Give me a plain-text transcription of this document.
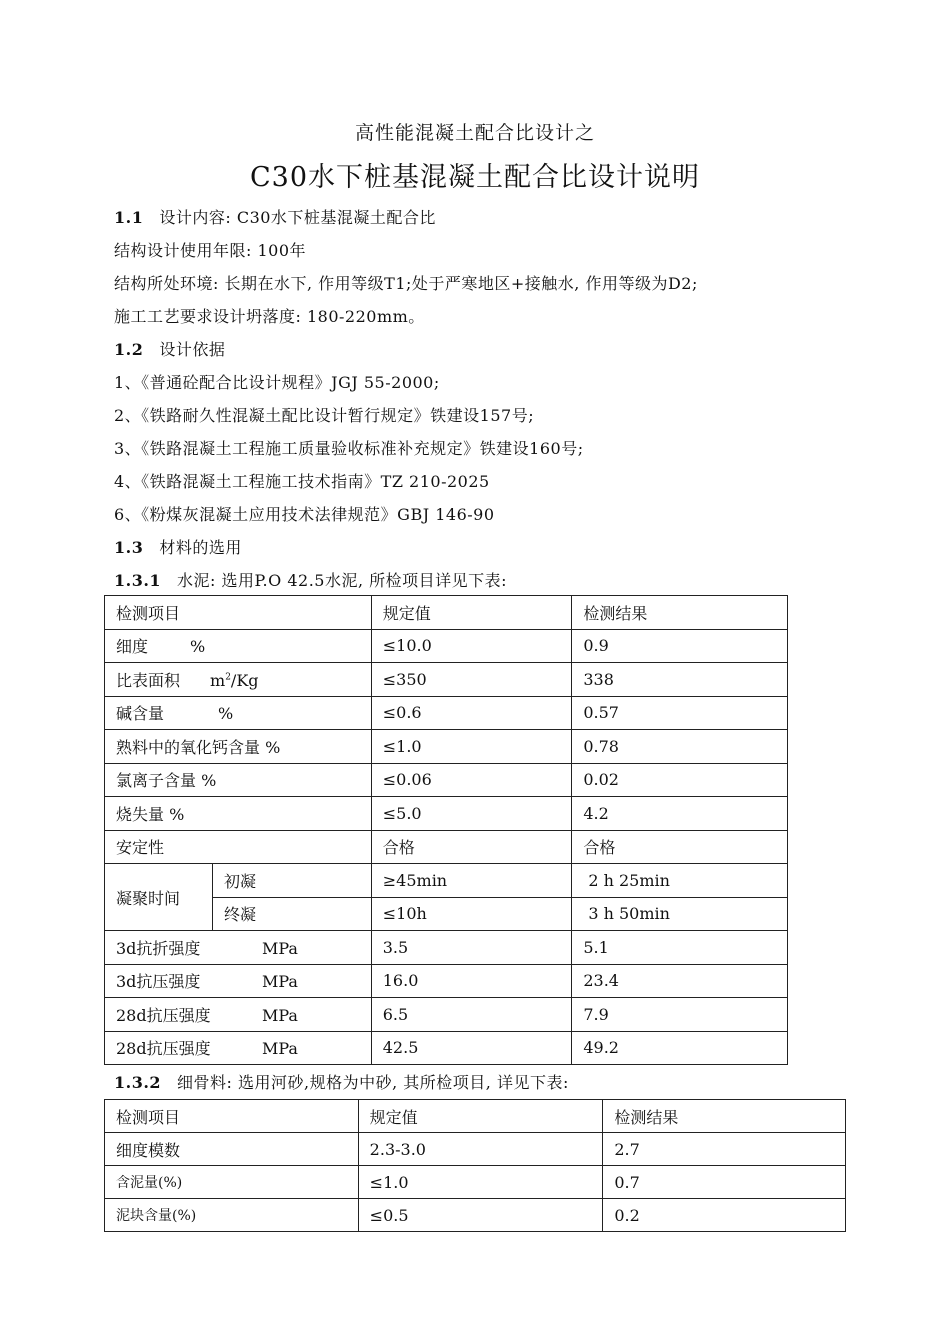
高性能混凝土配合比设计之
C30水下桩基混凝土配合比设计说明
1.1 设计内容: C30水下桩基混凝土配合比
结构设计使用年限: 100年
结构所处环境: 长期在水下, 作用等级T1;处于严寒地区+接触水, 作用等级为D2;
施工工艺要求设计坍落度: 180-220mm。
1.2 设计依据
1、《普通砼配合比设计规程》JGJ 55-2000;
2、《铁路耐久性混凝土配比设计暂行规定》铁建设157号;
3、《铁路混凝土工程施工质量验收标准补充规定》铁建设160号;
4、《铁路混凝土工程施工技术指南》TZ 210-2025
6、《粉煤灰混凝土应用技术法律规范》GBJ 146-90
1.3 材料的选用
1.3.1 水泥: 选用P.O 42.5水泥, 所检项目详见下表:
检测项目		规定值	检测结果
细度 %		≤10.0	0.9
比表面积 $m^2/Kg$		≤350	338
碱含量 %		≤0.6	0.57
熟料中的氧化钙含量 %		≤1.0	0.78
氯离子含量 %		≤0.06	0.02
烧失量 %		≤5.0	4.2
安定性		合格	合格
凝聚时间	初凝	≥45min	2 h 25min
	终凝	≤10h	3 h 50min
3d抗折强度 MPa		3.5	5.1
3d抗压强度 MPa		16.0	23.4
28d抗压强度 MPa		6.5	7.9
28d抗压强度 MPa		42.5	49.2
1.3.2 细骨料: 选用河砂,规格为中砂, 其所检项目, 详见下表:
检测项目	规定值	检测结果
细度模数	2.3-3.0	2.7
含泥量(%)	≤1.0	0.7
泥块含量(%)	≤0.5	0.2
